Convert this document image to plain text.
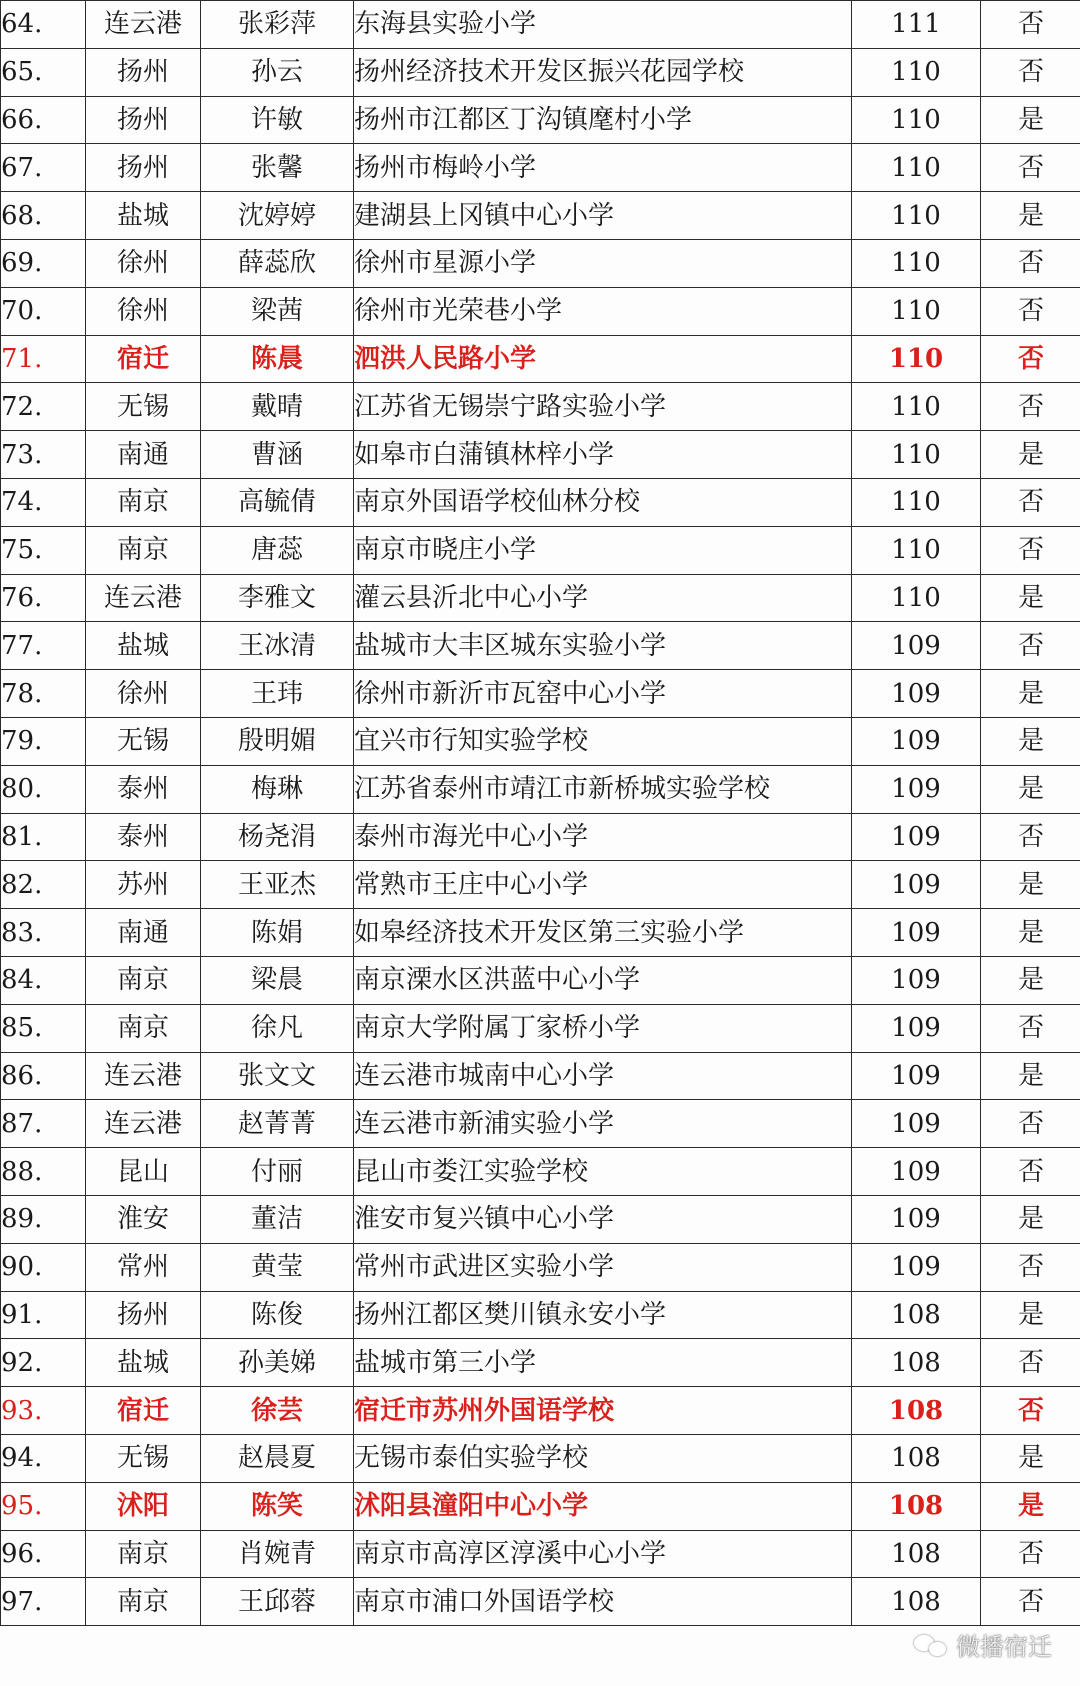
64.	连云港	张彩萍	东海县实验小学	111	否
65.	扬州	孙云	扬州经济技术开发区振兴花园学校	110	否
66.	扬州	许敏	扬州市江都区丁沟镇麾村小学	110	是
67.	扬州	张馨	扬州市梅岭小学	110	否
68.	盐城	沈婷婷	建湖县上冈镇中心小学	110	是
69.	徐州	薛蕊欣	徐州市星源小学	110	否
70.	徐州	梁茜	徐州市光荣巷小学	110	否
71.	宿迁	陈晨	泗洪人民路小学	110	否
72.	无锡	戴晴	江苏省无锡崇宁路实验小学	110	否
73.	南通	曹涵	如皋市白蒲镇林梓小学	110	是
74.	南京	高毓倩	南京外国语学校仙林分校	110	否
75.	南京	唐蕊	南京市晓庄小学	110	否
76.	连云港	李雅文	灌云县沂北中心小学	110	是
77.	盐城	王冰清	盐城市大丰区城东实验小学	109	否
78.	徐州	王玮	徐州市新沂市瓦窑中心小学	109	是
79.	无锡	殷明媚	宜兴市行知实验学校	109	是
80.	泰州	梅琳	江苏省泰州市靖江市新桥城实验学校	109	是
81.	泰州	杨尧涓	泰州市海光中心小学	109	否
82.	苏州	王亚杰	常熟市王庄中心小学	109	是
83.	南通	陈娟	如皋经济技术开发区第三实验小学	109	是
84.	南京	梁晨	南京溧水区洪蓝中心小学	109	是
85.	南京	徐凡	南京大学附属丁家桥小学	109	否
86.	连云港	张文文	连云港市城南中心小学	109	是
87.	连云港	赵菁菁	连云港市新浦实验小学	109	否
88.	昆山	付丽	昆山市娄江实验学校	109	否
89.	淮安	董洁	淮安市复兴镇中心小学	109	是
90.	常州	黄莹	常州市武进区实验小学	109	否
91.	扬州	陈俊	扬州江都区樊川镇永安小学	108	是
92.	盐城	孙美娣	盐城市第三小学	108	否
93.	宿迁	徐芸	宿迁市苏州外国语学校	108	否
94.	无锡	赵晨夏	无锡市泰伯实验学校	108	是
95.	沭阳	陈笑	沭阳县潼阳中心小学	108	是
96.	南京	肖婉青	南京市高淳区淳溪中心小学	108	否
97.	南京	王邱蓉	南京市浦口外国语学校	108	否
微播宿迁
